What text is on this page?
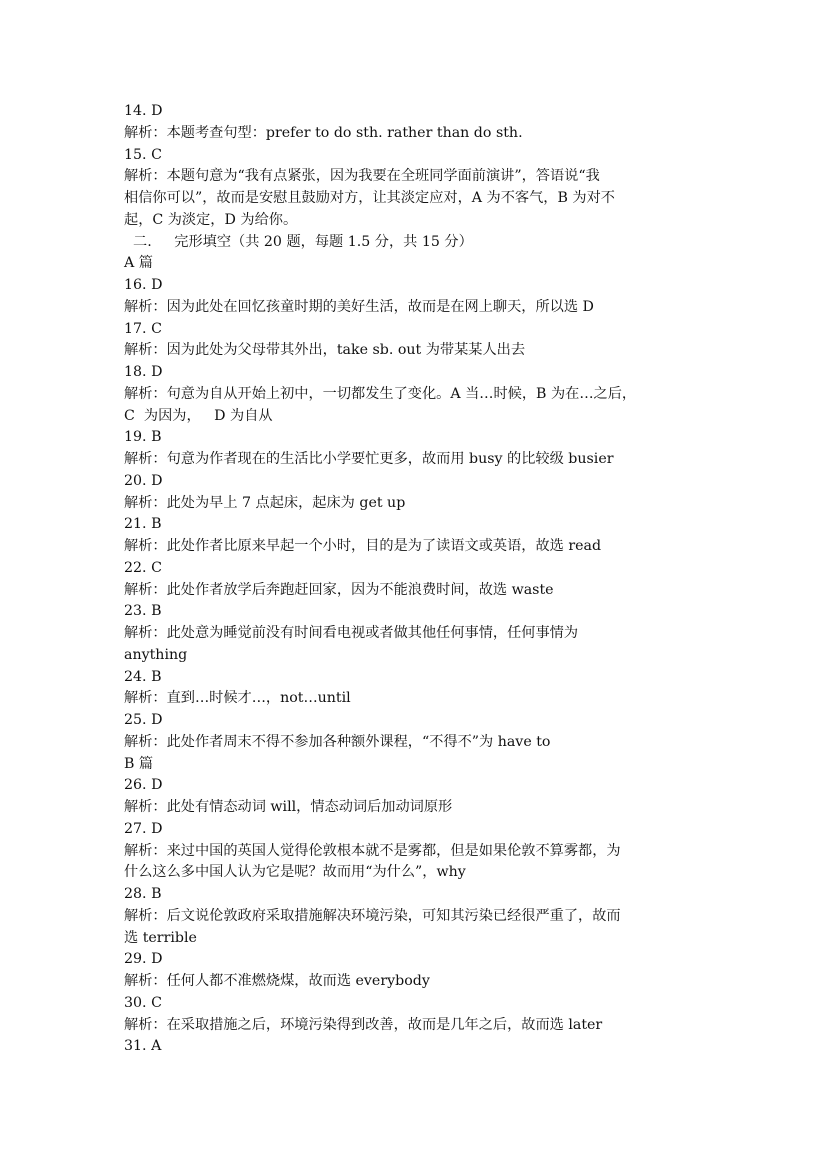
14. D

解析：本题考查句型：prefer to do sth. rather than do sth.

15. C

解析：本题句意为“我有点紧张，因为我要在全班同学面前演讲”，答语说“我

相信你可以”，故而是安慰且鼓励对方，让其淡定应对，A 为不客气，B 为对不

起，C 为淡定，D 为给你。

二.     完形填空（共 20 题，每题 1.5 分，共 15 分）

A 篇

16. D

解析：因为此处在回忆孩童时期的美好生活，故而是在网上聊天，所以选 D

17. C

解析：因为此处为父母带其外出，take sb. out 为带某某人出去

18. D

解析：句意为自从开始上初中，一切都发生了变化。A 当…时候，B 为在…之后，

C  为因为，   D 为自从

19. B

解析：句意为作者现在的生活比小学要忙更多，故而用 busy 的比较级 busier

20. D

解析：此处为早上 7 点起床，起床为 get up

21. B

解析：此处作者比原来早起一个小时，目的是为了读语文或英语，故选 read

22. C

解析：此处作者放学后奔跑赶回家，因为不能浪费时间，故选 waste

23. B

解析：此处意为睡觉前没有时间看电视或者做其他任何事情，任何事情为

anything

24. B

解析：直到…时候才…，not…until

25. D

解析：此处作者周末不得不参加各种额外课程，“不得不”为 have to

B 篇

26. D

解析：此处有情态动词 will，情态动词后加动词原形

27. D

解析：来过中国的英国人觉得伦敦根本就不是雾都，但是如果伦敦不算雾都，为

什么这么多中国人认为它是呢？故而用“为什么”，why

28. B

解析：后文说伦敦政府采取措施解决环境污染，可知其污染已经很严重了，故而

选 terrible

29. D

解析：任何人都不准燃烧煤，故而选 everybody

30. C

解析：在采取措施之后，环境污染得到改善，故而是几年之后，故而选 later

31. A
